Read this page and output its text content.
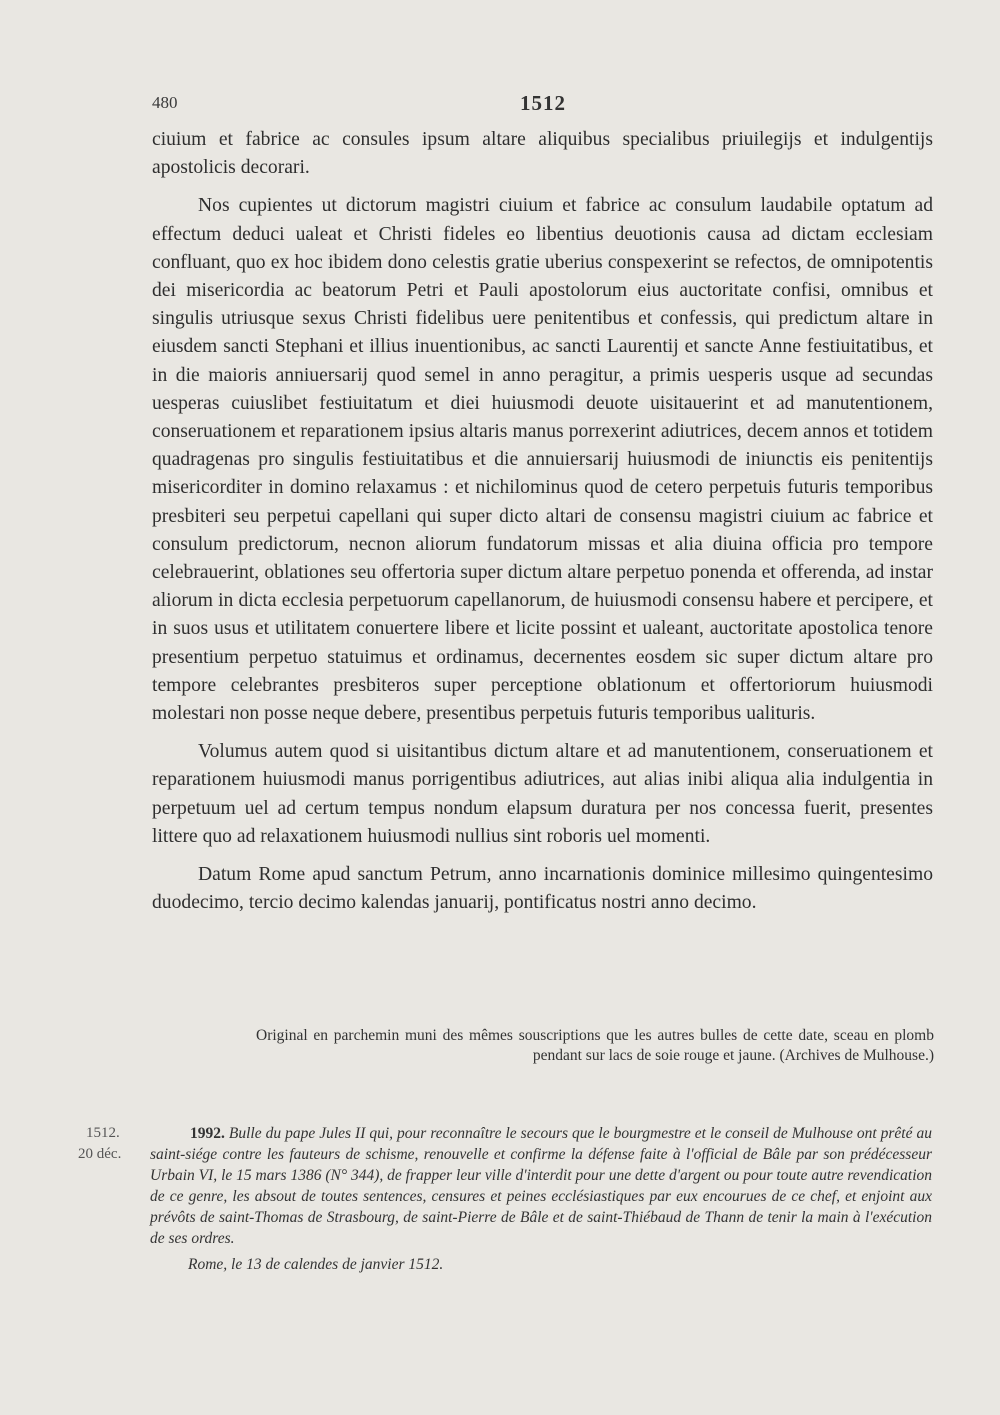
480	1512

ciuium et fabrice ac consules ipsum altare aliquibus specialibus priuilegijs et indulgentijs apostolicis decorari.

Nos cupientes ut dictorum magistri ciuium et fabrice ac consulum laudabile optatum ad effectum deduci ualeat et Christi fideles eo libentius deuotionis causa ad dictam ecclesiam confluant, quo ex hoc ibidem dono celestis gratie uberius conspexerint se refectos, de omnipotentis dei misericordia ac beatorum Petri et Pauli apostolorum eius auctoritate confisi, omnibus et singulis utriusque sexus Christi fidelibus uere penitentibus et confessis, qui predictum altare in eiusdem sancti Stephani et illius inuentionibus, ac sancti Laurentij et sancte Anne festiuitatibus, et in die maioris anniuersarij quod semel in anno peragitur, a primis uesperis usque ad secundas uesperas cuiuslibet festiuitatum et diei huiusmodi deuote uisitauerint et ad manutentionem, conseruationem et reparationem ipsius altaris manus porrexerint adiutrices, decem annos et totidem quadragenas pro singulis festiuitatibus et die annuiersarij huiusmodi de iniunctis eis penitentijs misericorditer in domino relaxamus : et nichilominus quod de cetero perpetuis futuris temporibus presbiteri seu perpetui capellani qui super dicto altari de consensu magistri ciuium ac fabrice et consulum predictorum, necnon aliorum fundatorum missas et alia diuina officia pro tempore celebrauerint, oblationes seu offertoria super dictum altare perpetuo ponenda et offerenda, ad instar aliorum in dicta ecclesia perpetuorum capellanorum, de huiusmodi consensu habere et percipere, et in suos usus et utilitatem conuertere libere et licite possint et ualeant, auctoritate apostolica tenore presentium perpetuo statuimus et ordinamus, decernentes eosdem sic super dictum altare pro tempore celebrantes presbiteros super perceptione oblationum et offertoriorum huiusmodi molestari non posse neque debere, presentibus perpetuis futuris temporibus ualituris.

Volumus autem quod si uisitantibus dictum altare et ad manutentionem, conseruationem et reparationem huiusmodi manus porrigentibus adiutrices, aut alias inibi aliqua alia indulgentia in perpetuum uel ad certum tempus nondum elapsum duratura per nos concessa fuerit, presentes littere quo ad relaxationem huiusmodi nullius sint roboris uel momenti.

Datum Rome apud sanctum Petrum, anno incarnationis dominice millesimo quingentesimo duodecimo, tercio decimo kalendas januarij, pontificatus nostri anno decimo.

Original en parchemin muni des mêmes souscriptions que les autres bulles de cette date, sceau en plomb pendant sur lacs de soie rouge et jaune. (Archives de Mulhouse.)
1512.
20 déc.

1992. Bulle du pape Jules II qui, pour reconnaître le secours que le bourgmestre et le conseil de Mulhouse ont prêté au saint-siége contre les fauteurs de schisme, renouvelle et confirme la défense faite à l'official de Bâle par son prédécesseur Urbain VI, le 15 mars 1386 (N° 344), de frapper leur ville d'interdit pour une dette d'argent ou pour toute autre revendication de ce genre, les absout de toutes sentences, censures et peines ecclésiastiques par eux encourues de ce chef, et enjoint aux prévôts de saint-Thomas de Strasbourg, de saint-Pierre de Bâle et de saint-Thiébaud de Thann de tenir la main à l'exécution de ses ordres.

Rome, le 13 de calendes de janvier 1512.
